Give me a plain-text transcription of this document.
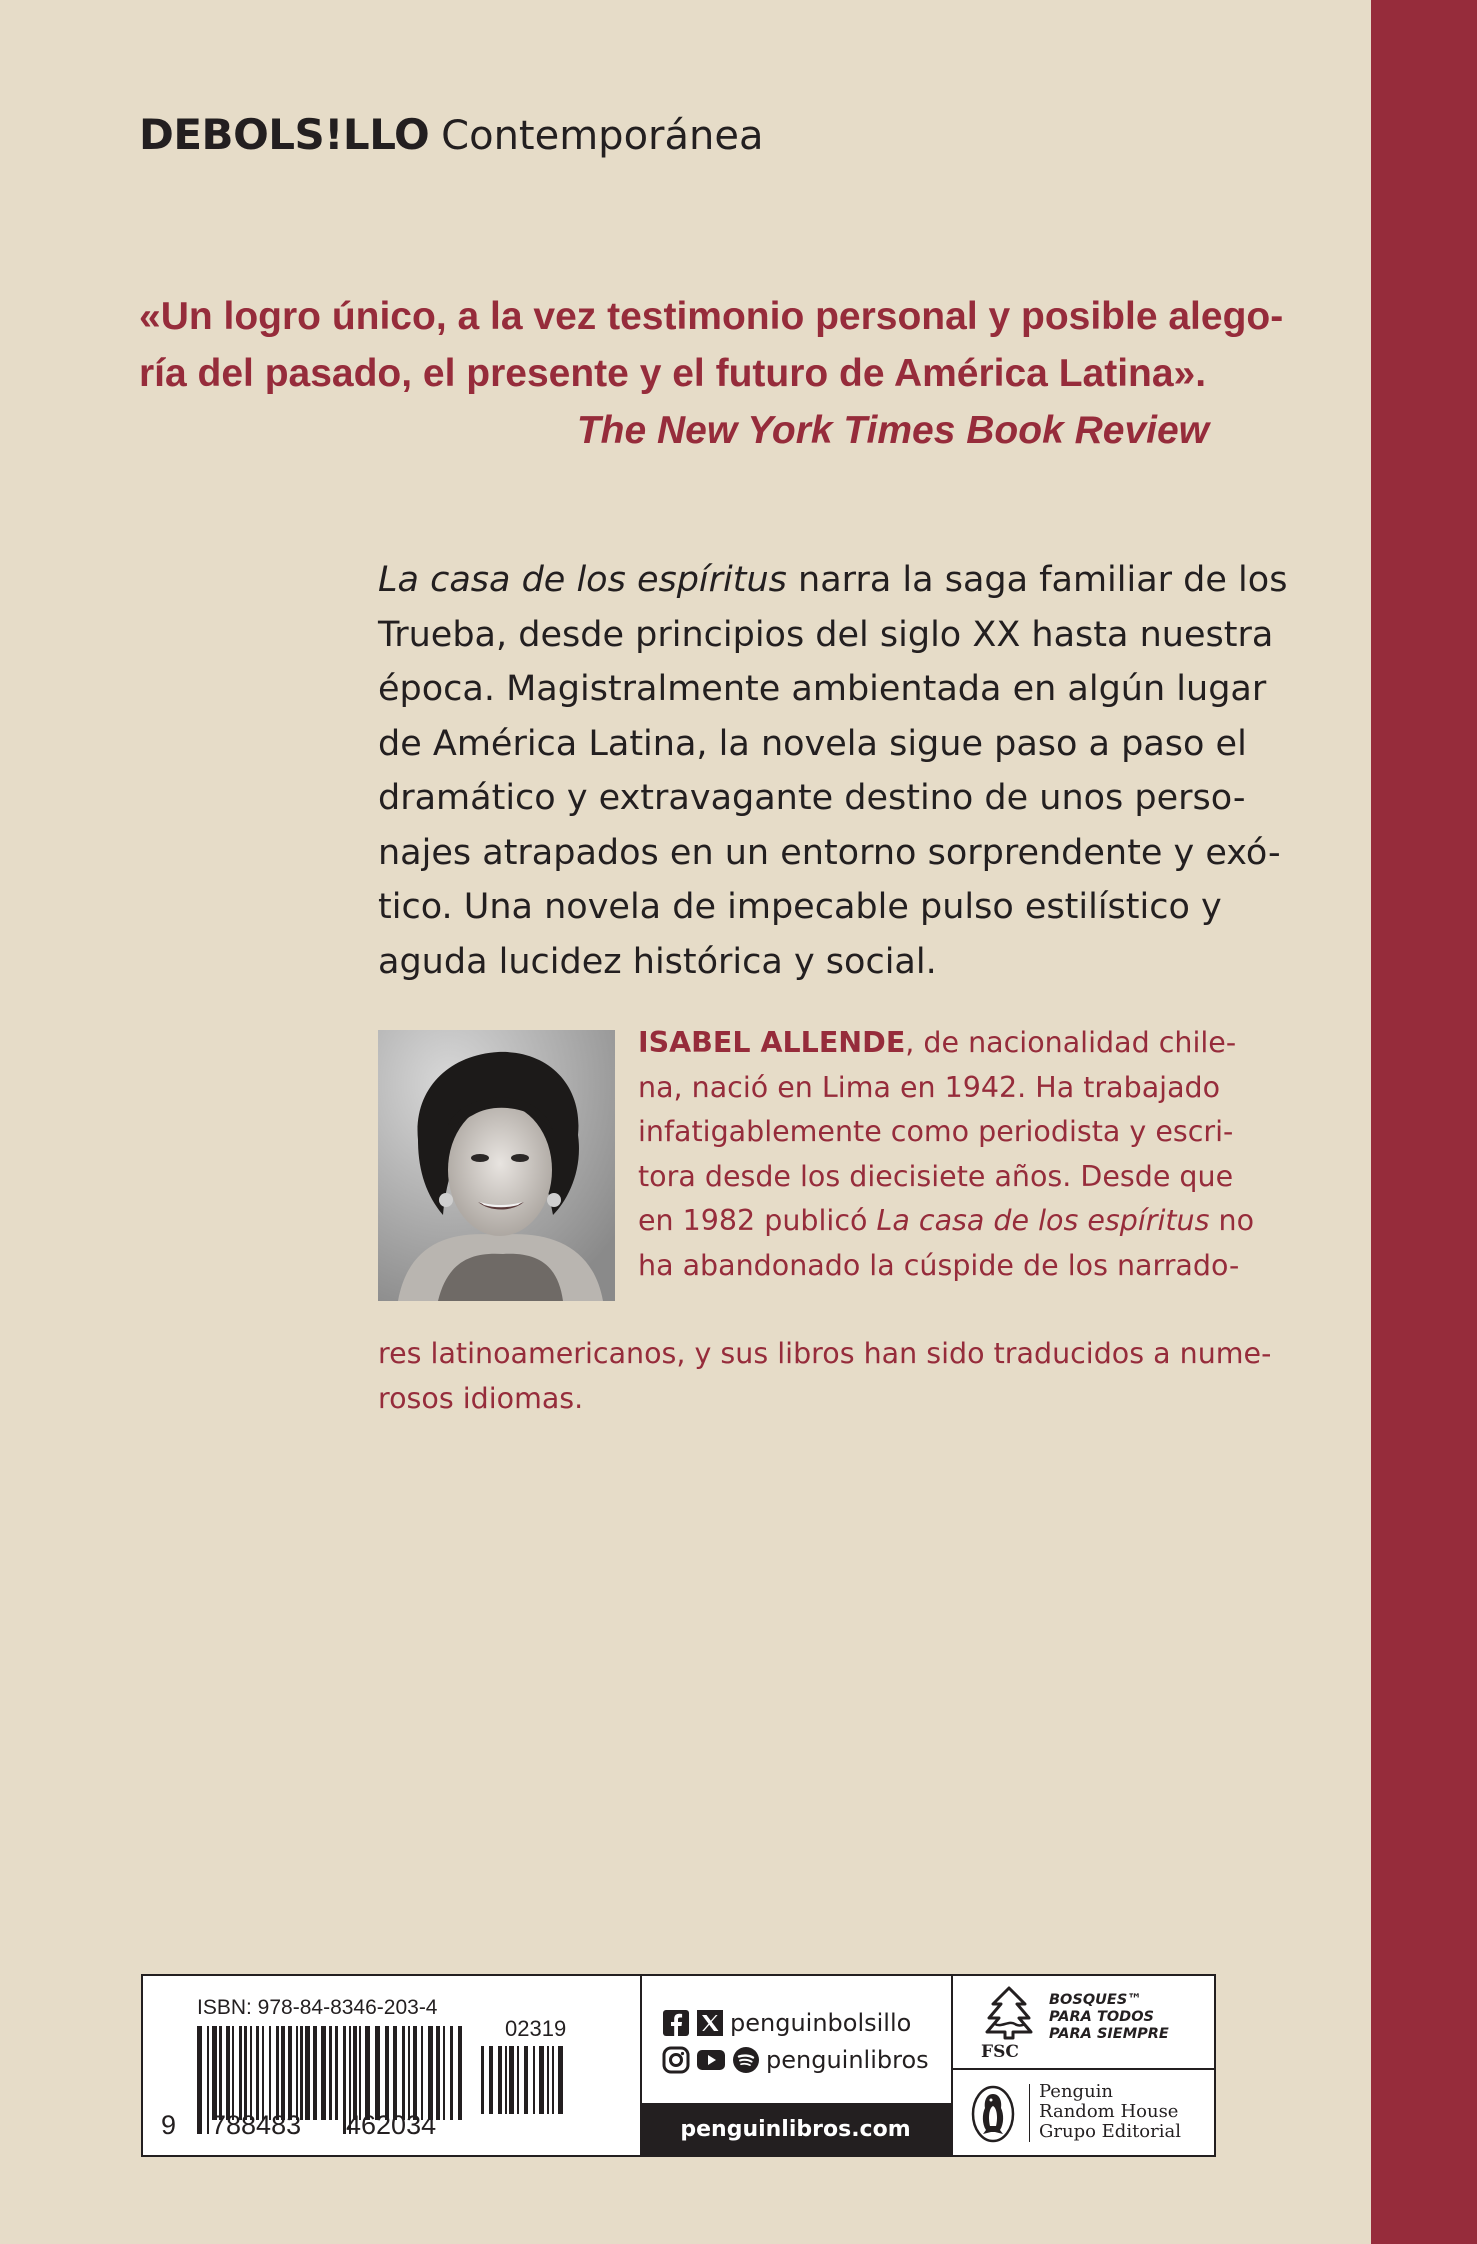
DEBOLS!LLO Contemporánea
«Un logro único, a la vez testimonio personal y posible alego-
ría del pasado, el presente y el futuro de América Latina».
The New York Times Book Review
La casa de los espíritus narra la saga familiar de los
Trueba, desde principios del siglo XX hasta nuestra
época. Magistralmente ambientada en algún lugar
de América Latina, la novela sigue paso a paso el
dramático y extravagante destino de unos perso-
najes atrapados en un entorno sorprendente y exó-
tico. Una novela de impecable pulso estilístico y
aguda lucidez histórica y social.
ISABEL ALLENDE, de nacionalidad chile-
na, nació en Lima en 1942. Ha trabajado
infatigablemente como periodista y escri-
tora desde los diecisiete años. Desde que
en 1982 publicó La casa de los espíritus no
ha abandonado la cúspide de los narrado-
res latinoamericanos, y sus libros han sido traducidos a nume-
rosos idiomas.
ISBN: 978-84-8346-203-4
02319
9 788483 462034
penguinbolsillo
penguinlibros
penguinlibros.com
FSC
BOSQUES™
PARA TODOS
PARA SIEMPRE
Penguin
Random House
Grupo Editorial
